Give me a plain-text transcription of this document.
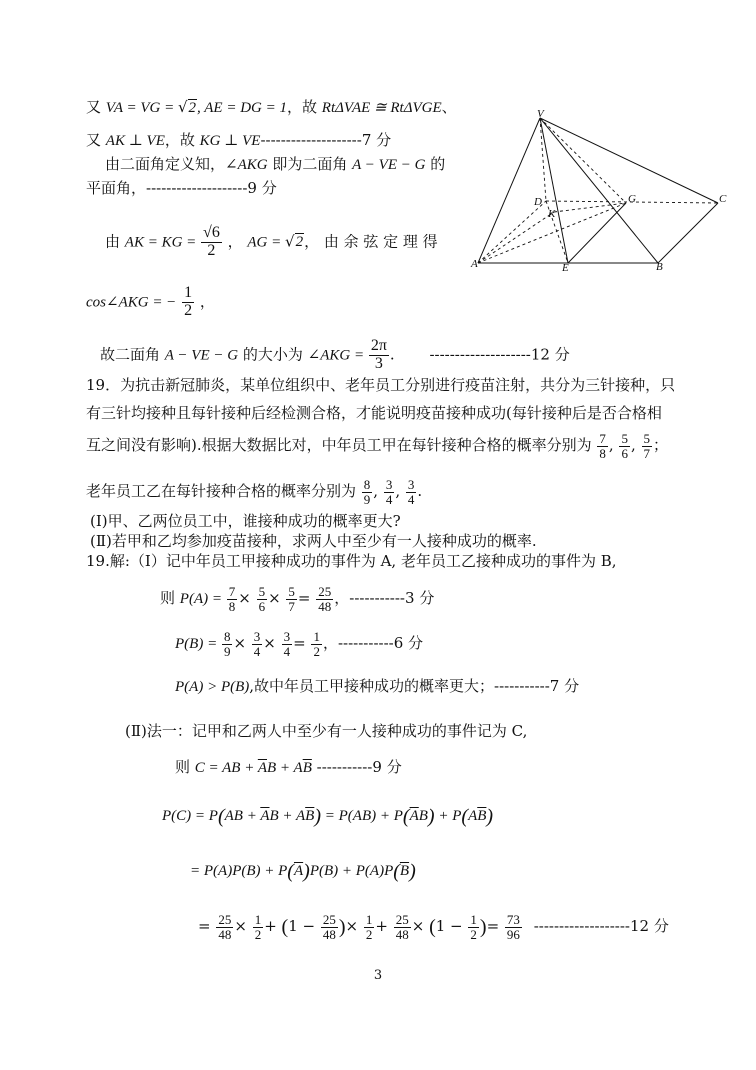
又 VA = VG = √2, AE = DG = 1，故 RtΔVAE ≅ RtΔVGE、
又 AK ⊥ VE，故 KG ⊥ VE--------------------7 分
由二面角定义知，∠AKG 即为二面角 A − VE − G 的
平面角，--------------------9 分
由 AK = KG = $\frac{√6}{2}$ ， AG = √2， 由 余 弦 定 理 得
cos∠AKG = − $\frac{1}{2}$ ，
故二面角 A − VE − G 的大小为 ∠AKG = $\frac{2\pi}{3}$ . --------------------12 分
V
D
K
G	C
A	E	B
19．为抗击新冠肺炎，某单位组织中、老年员工分别进行疫苗注射，共分为三针接种，只
有三针均接种且每针接种后经检测合格，才能说明疫苗接种成功(每针接种后是否合格相
互之间没有影响).根据大数据比对，中年员工甲在每针接种合格的概率分别为 $\frac{7}{8}$ , $\frac{5}{6}$ , $\frac{5}{7}$ ；
老年员工乙在每针接种合格的概率分别为 $\frac{8}{9}$ , $\frac{3}{4}$ , $\frac{3}{4}$ .
(Ⅰ)甲、乙两位员工中，谁接种成功的概率更大?
(Ⅱ)若甲和乙均参加疫苗接种，求两人中至少有一人接种成功的概率.
19.解:（Ⅰ）记中年员工甲接种成功的事件为 A, 老年员工乙接种成功的事件为 B,
则 $P(A) = \frac{7}{8} \times \frac{5}{6} \times \frac{5}{7} = \frac{25}{48}$ ，-----------3 分
$P(B) = \frac{8}{9} \times \frac{3}{4} \times \frac{3}{4} = \frac{1}{2}$ ，-----------6 分
P(A) > P(B),故中年员工甲接种成功的概率更大；-----------7 分
(Ⅱ)法一：记甲和乙两人中至少有一人接种成功的事件记为 C,
则 C = AB + $\overline{A}B + A\overline{B}$ -----------9 分
$P(C) = P(AB + \overline{A}B + A\overline{B}) = P(AB) + P(\overline{A}B) + P(A\overline{B})$
= $P(A)P(B) + P(\overline{A})P(B) + P(A)P(\overline{B})$
= $\frac{25}{48} \times \frac{1}{2} + (1 - \frac{25}{48}$ )× $\frac{1}{2} + \frac{25}{48} \times (1 - \frac{1}{2}$ )= $\frac{73}{96} -------------------12$ 分
3
